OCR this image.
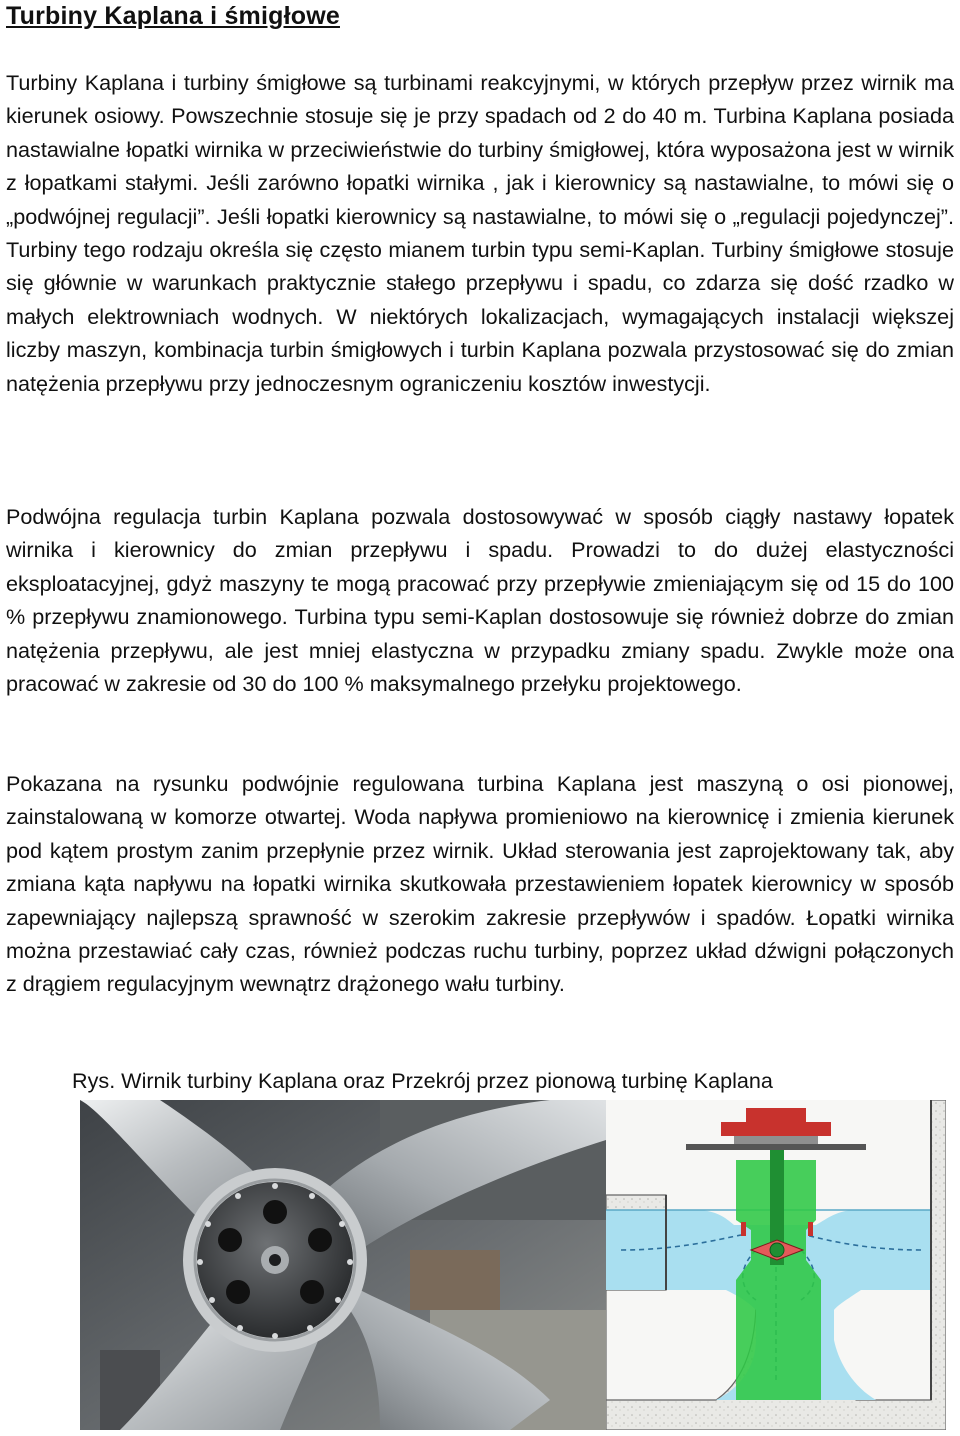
Turbiny Kaplana i śmigłowe

Turbiny Kaplana i turbiny śmigłowe są turbinami reakcyjnymi, w których przepływ przez wirnik ma kierunek osiowy. Powszechnie stosuje się je przy spadach od 2 do 40 m. Turbina Kaplana posiada nastawialne łopatki wirnika w przeciwieństwie do turbiny śmigłowej, która wyposażona jest w wirnik z łopatkami stałymi. Jeśli zarówno łopatki wirnika , jak i kierownicy są nastawialne, to mówi się o „podwójnej regulacji”. Jeśli łopatki kierownicy są nastawialne, to mówi się o „regulacji pojedynczej”. Turbiny tego rodzaju określa się często mianem turbin typu semi-Kaplan. Turbiny śmigłowe stosuje się głównie w warunkach praktycznie stałego przepływu i spadu, co zdarza się dość rzadko w małych elektrowniach wodnych. W niektórych lokalizacjach, wymagających instalacji większej liczby maszyn, kombinacja turbin śmigłowych i turbin Kaplana pozwala przystosować się do zmian natężenia przepływu przy jednoczesnym ograniczeniu kosztów inwestycji.

Podwójna regulacja turbin Kaplana pozwala dostosowywać w sposób ciągły nastawy łopatek wirnika i kierownicy do zmian przepływu i spadu. Prowadzi to do dużej elastyczności eksploatacyjnej, gdyż maszyny te mogą pracować przy przepływie zmieniającym się od 15 do 100 % przepływu znamionowego. Turbina typu semi-Kaplan dostosowuje się również dobrze do zmian natężenia przepływu, ale jest mniej elastyczna w przypadku zmiany spadu. Zwykle może ona pracować w zakresie od 30 do 100 % maksymalnego przełyku projektowego.

Pokazana na rysunku podwójnie regulowana turbina Kaplana jest maszyną o osi pionowej, zainstalowaną w komorze otwartej. Woda napływa promieniowo na kierownicę i zmienia kierunek pod kątem prostym zanim przepłynie przez wirnik. Układ sterowania jest zaprojektowany tak, aby zmiana kąta napływu na łopatki wirnika skutkowała przestawieniem łopatek kierownicy w sposób zapewniający najlepszą sprawność w szerokim zakresie przepływów i spadów. Łopatki wirnika można przestawiać cały czas, również podczas ruchu turbiny, poprzez układ dźwigni połączonych z drągiem regulacyjnym wewnątrz drążonego wału turbiny.

Rys. Wirnik turbiny Kaplana oraz Przekrój przez pionową turbinę Kaplana
